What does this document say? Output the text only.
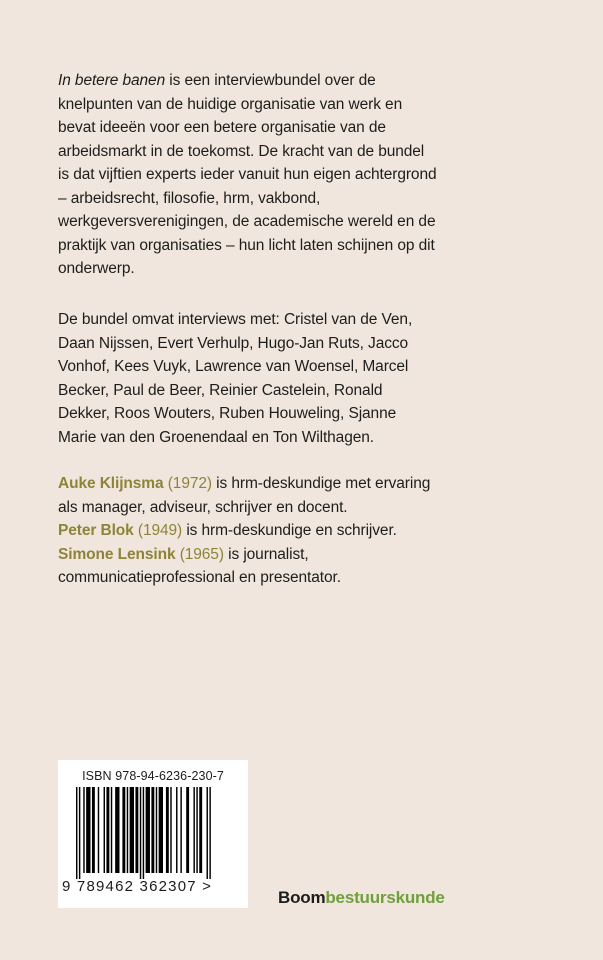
In betere banen is een interviewbundel over de knelpunten van de huidige organisatie van werk en bevat ideeën voor een betere organisatie van de arbeidsmarkt in de toekomst. De kracht van de bundel is dat vijftien experts ieder vanuit hun eigen achtergrond – arbeidsrecht, filosofie, hrm, vakbond, werkgeversverenigingen, de academische wereld en de praktijk van organisaties – hun licht laten schijnen op dit onderwerp.

De bundel omvat interviews met: Cristel van de Ven, Daan Nijssen, Evert Verhulp, Hugo-Jan Ruts, Jacco Vonhof, Kees Vuyk, Lawrence van Woensel, Marcel Becker, Paul de Beer, Reinier Castelein, Ronald Dekker, Roos Wouters, Ruben Houweling, Sjanne Marie van den Groenendaal en Ton Wilthagen.

Auke Klijnsma (1972) is hrm-deskundige met ervaring als manager, adviseur, schrijver en docent.

Peter Blok (1949) is hrm-deskundige en schrijver.

Simone Lensink (1965) is journalist, communicatieprofessional en presentator.

ISBN 978-94-6236-230-7
9 789462 362307 >
Boombestuurskunde
